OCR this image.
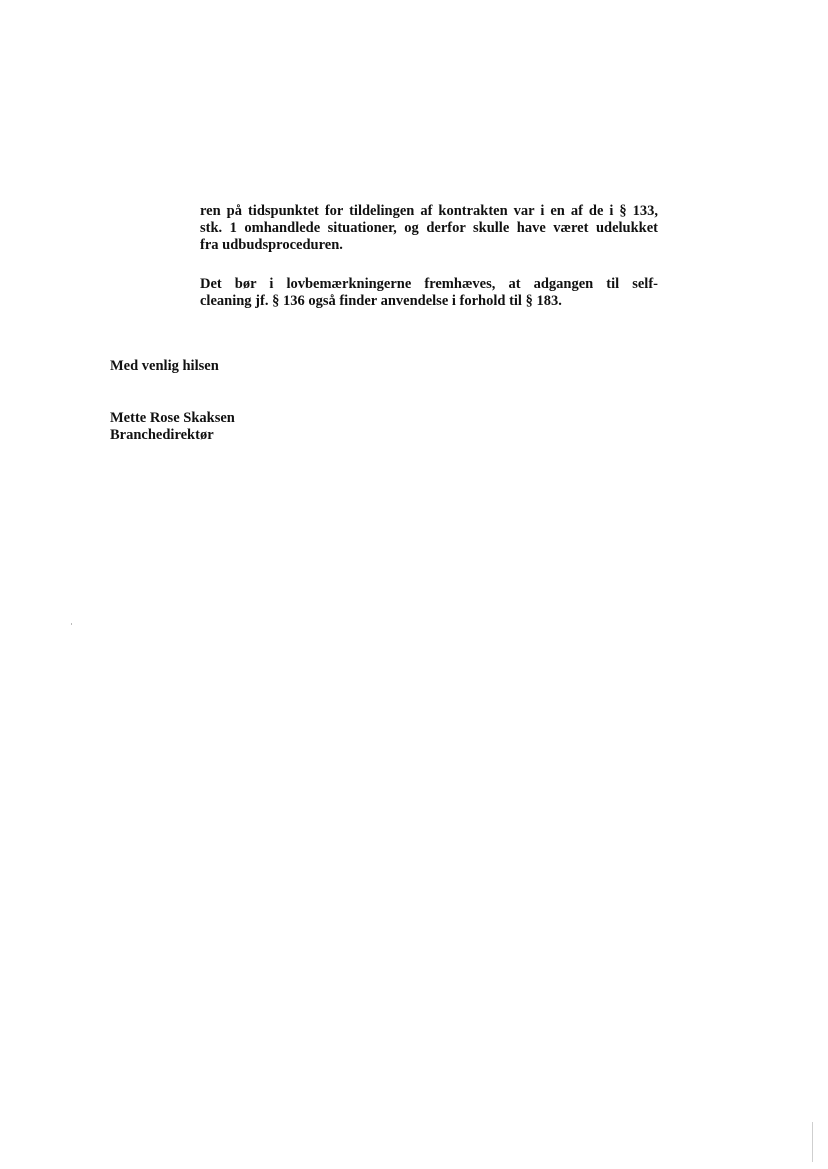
ren på tidspunktet for tildelingen af kontrakten var i en af de i § 133,
stk. 1 omhandlede situationer, og derfor skulle have været udelukket
fra udbudsproceduren.

Det bør i lovbemærkningerne fremhæves, at adgangen til self-
cleaning jf. § 136 også finder anvendelse i forhold til § 183.

Med venlig hilsen

Mette Rose Skaksen

Branchedirektør
